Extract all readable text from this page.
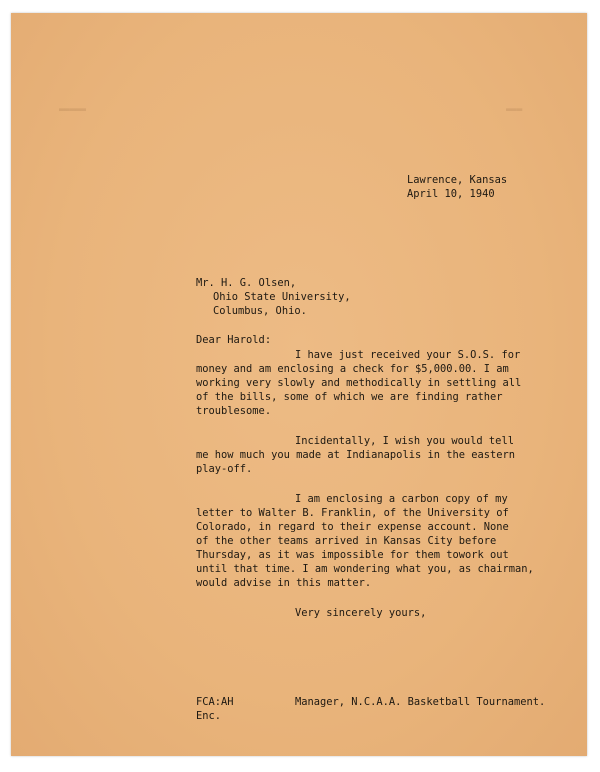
▬▬▬▬▬	▬▬▬
Lawrence, Kansas
April 10, 1940
Mr. H. G. Olsen,
Ohio State University,
Columbus, Ohio.
Dear Harold:
I have just received your S.O.S. for
money and am enclosing a check for $5,000.00. I am
working very slowly and methodically in settling all
of the bills, some of which we are finding rather
troublesome.
Incidentally, I wish you would tell
me how much you made at Indianapolis in the eastern
play-off.
I am enclosing a carbon copy of my
letter to Walter B. Franklin, of the University of
Colorado, in regard to their expense account. None
of the other teams arrived in Kansas City before
Thursday, as it was impossible for them towork out
until that time. I am wondering what you, as chairman,
would advise in this matter.
Very sincerely yours,
FCA:AH
Enc.
Manager, N.C.A.A. Basketball Tournament.
